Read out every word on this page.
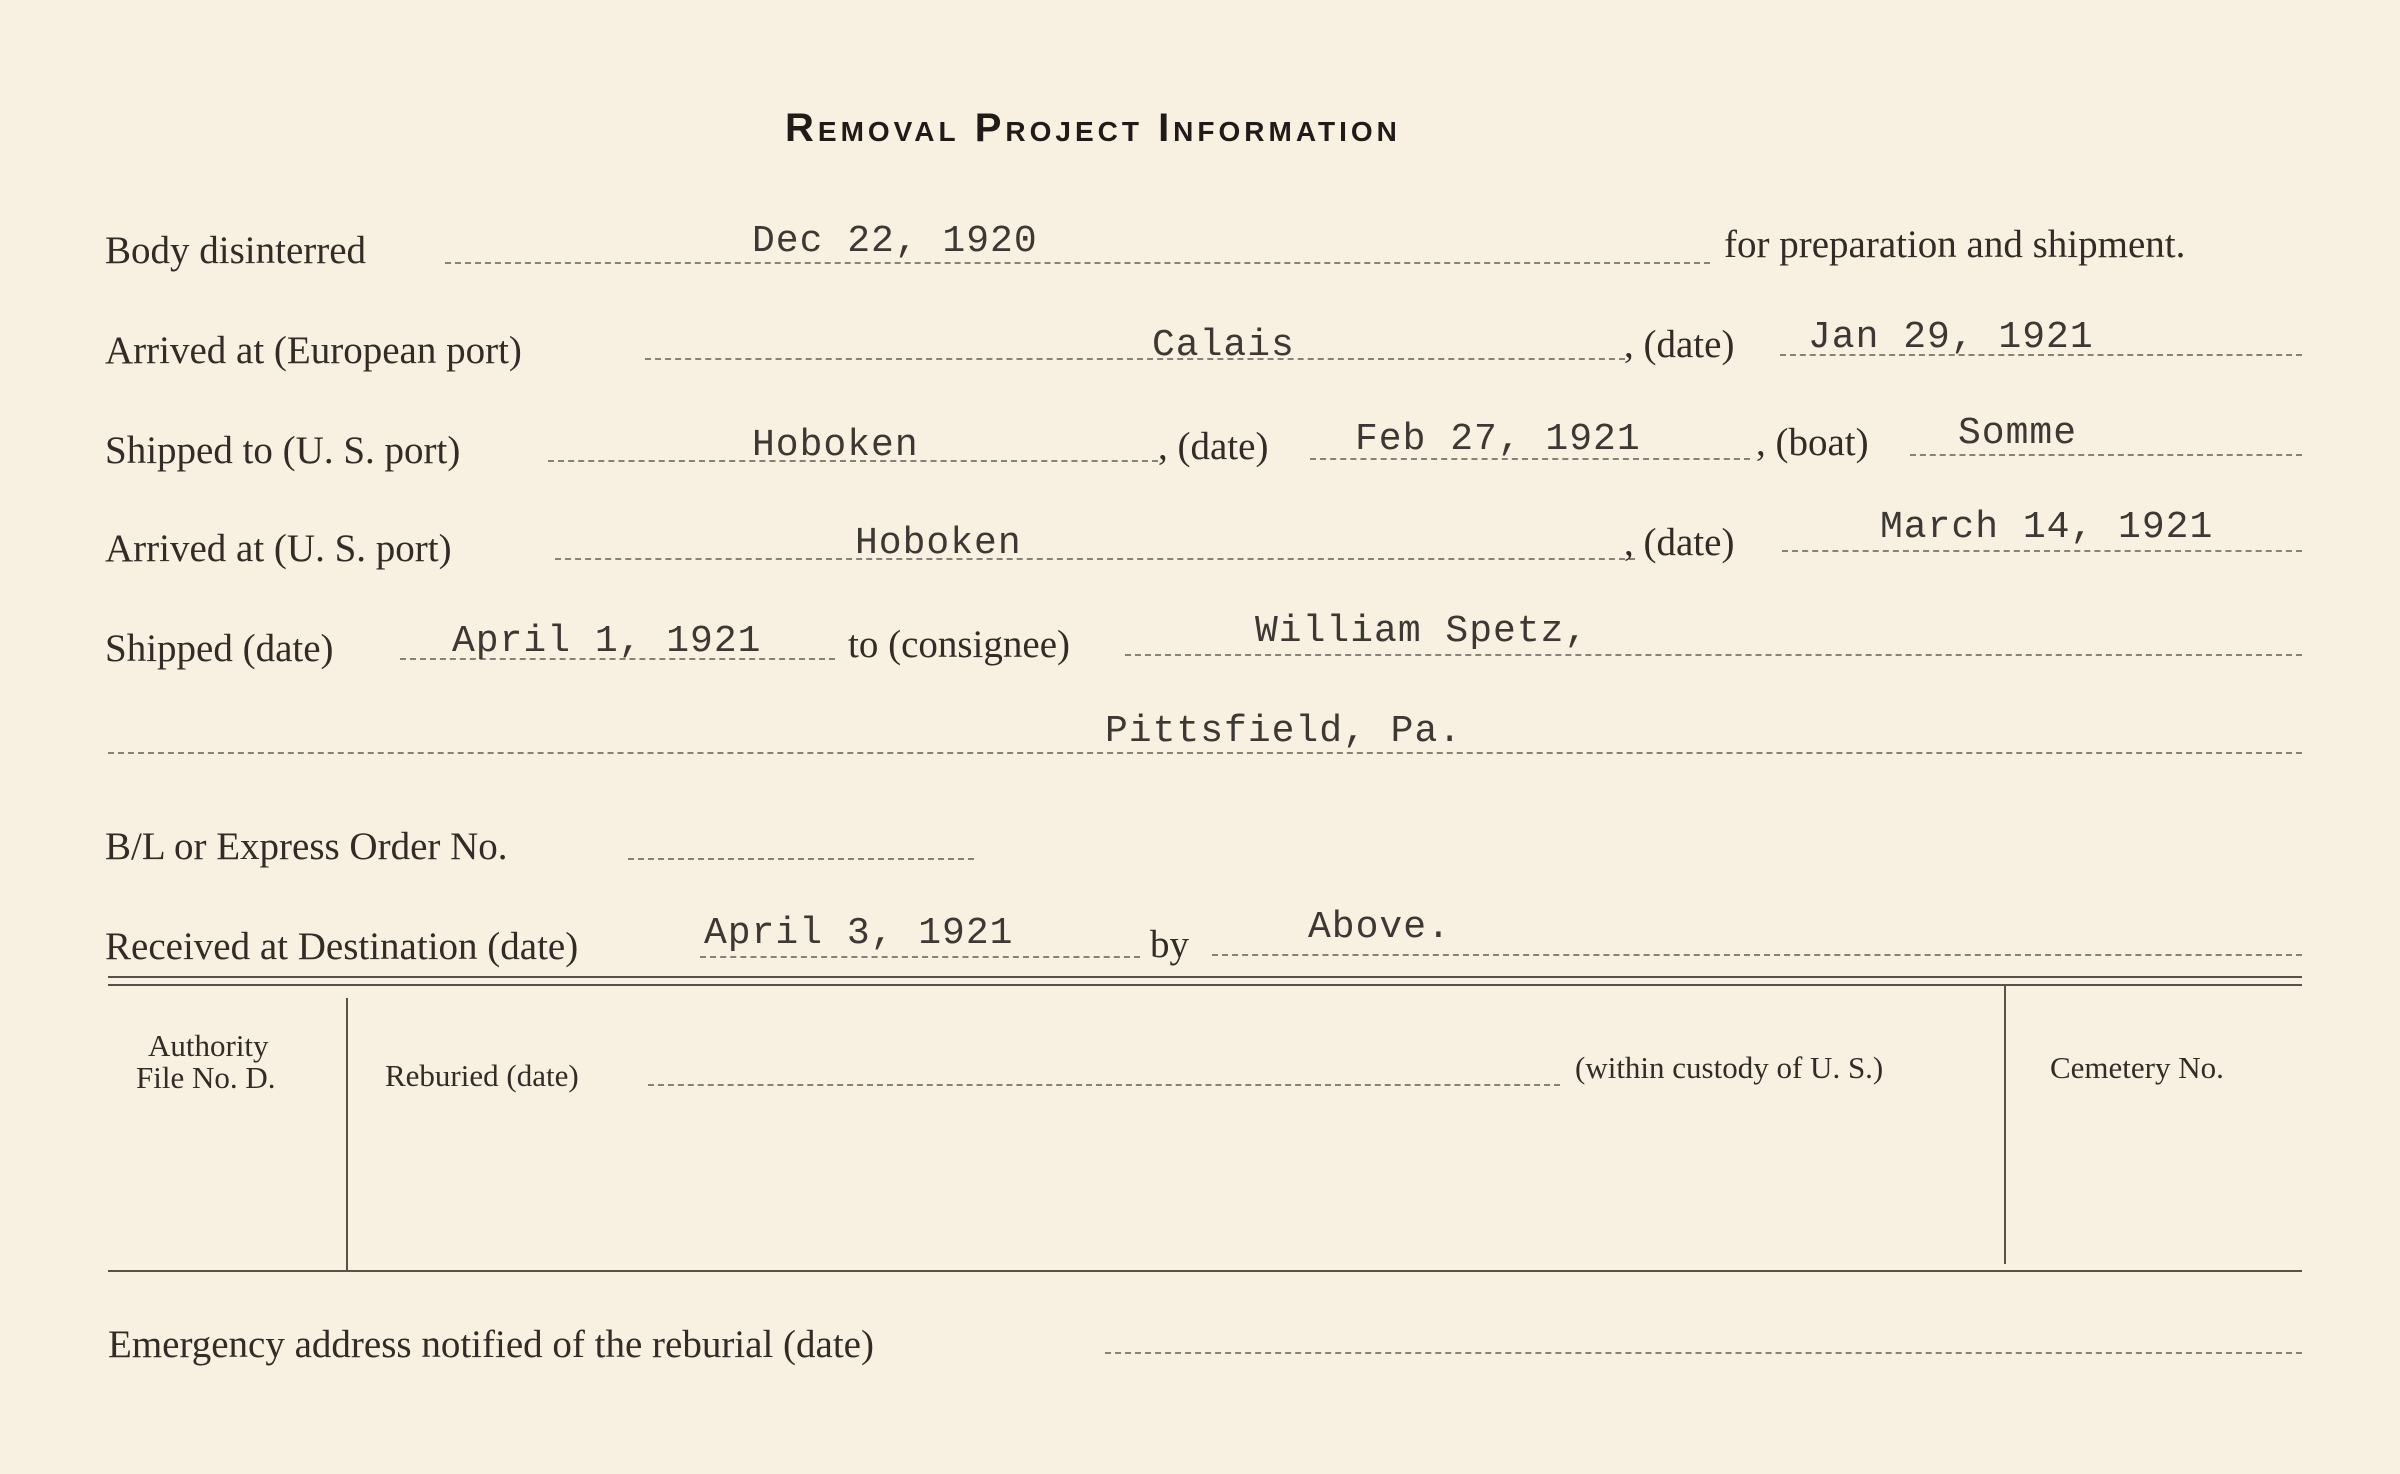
Removal Project Information
Body disinterred	Dec 22, 1920	for preparation and shipment.
Arrived at (European port)	Calais	, (date) Jan 29, 1921
Shipped to (U. S. port)	Hoboken	, (date) Feb 27, 1921	, (boat) Somme
Arrived at (U. S. port)	Hoboken	, (date)	March 14, 1921
Shipped (date)	April 1, 1921 to (consignee)	William Spetz,
Pittsfield, Pa.
B/L or Express Order No.
Received at Destination (date)	April 3, 1921	by	Above.
Authority
File No. D.	Reburied (date)	(within custody of U. S.)	Cemetery No.
Emergency address notified of the reburial (date)
